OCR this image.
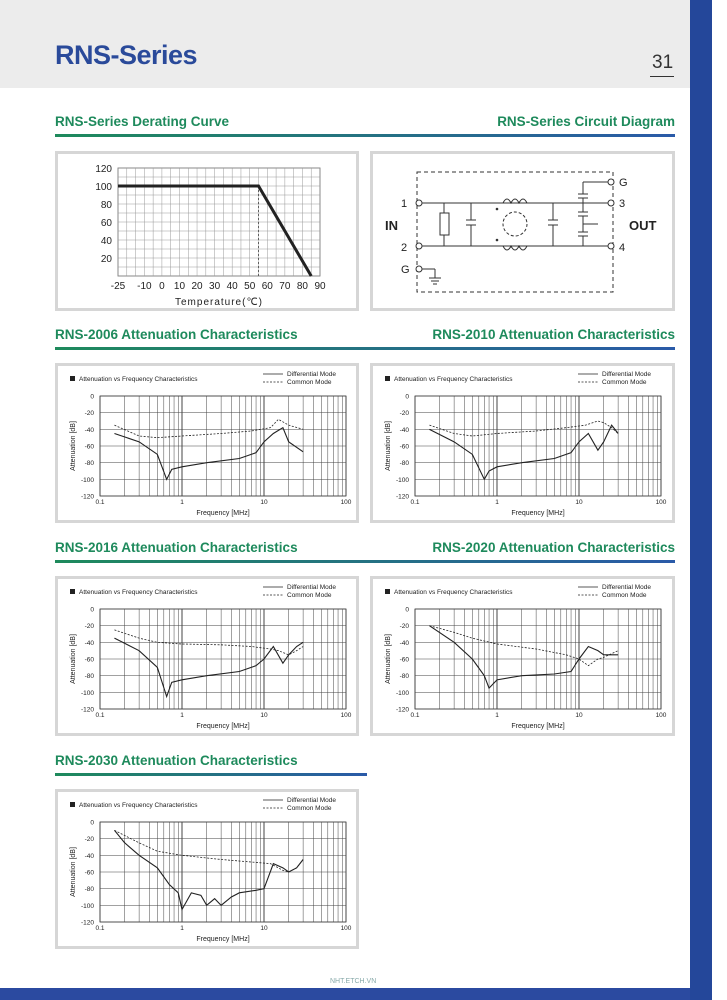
RNS-Series	31
RNS-Series Derating Curve	RNS-Series Circuit Diagram
RNS-2006 Attenuation Characteristics	RNS-2010 Attenuation Characteristics
RNS-2016 Attenuation Characteristics	RNS-2020 Attenuation Characteristics
RNS-2030 Attenuation Characteristics
-25 -10 0 10 20 30 40 50 60 70 80 90
20
40
60
80
100
120
Temperature(℃)
IN	OUT
1
2
G
G
3
4
Attenuation vs Frequency Characteristics
Differential Mode
Common Mode
0
-20
-40
-60
-80
-100
-120
0.1	1	10	100
Frequency [MHz]
Attenuation [dB]
Attenuation vs Frequency Characteristics
Differential Mode
Common Mode
0
-20
-40
-60
-80
-100
-120
0.1	1	10	100
Frequency [MHz]
Attenuation [dB]
Attenuation vs Frequency Characteristics
Differential Mode
Common Mode
0
-20
-40
-60
-80
-100
-120
0.1	1	10	100
Frequency [MHz]
Attenuation [dB]
Attenuation vs Frequency Characteristics
Differential Mode
Common Mode
0
-20
-40
-60
-80
-100
-120
0.1	1	10	100
Frequency [MHz]
Attenuation [dB]
Attenuation vs Frequency Characteristics
Differential Mode
Common Mode
0
-20
-40
-60
-80
-100
-120
0.1	1	10	100
Frequency [MHz]
Attenuation [dB]
NHT.ETCH.VN
